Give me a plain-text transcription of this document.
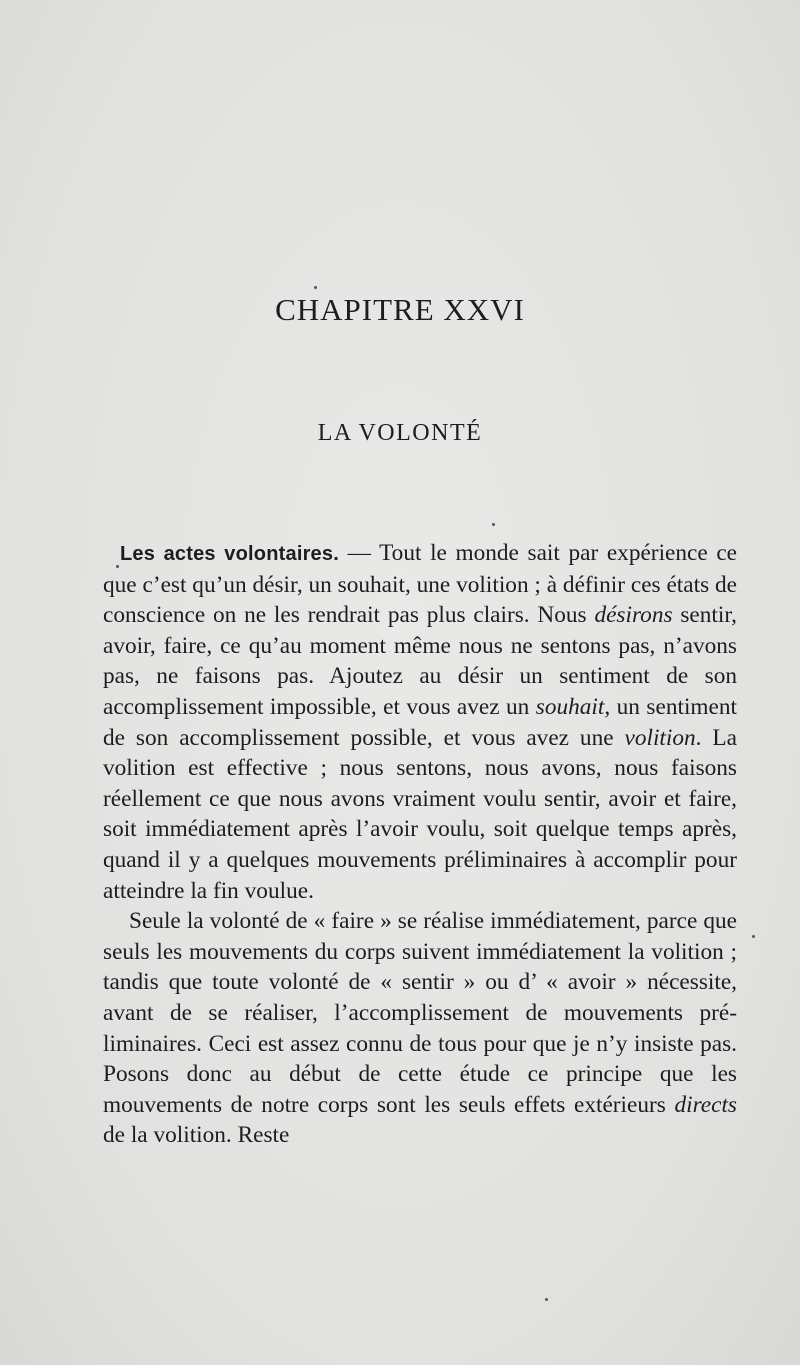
CHAPITRE XXVI
LA VOLONTÉ

Les actes volontaires. — Tout le monde sait par expérience ce que c’est qu’un désir, un souhait, une volition ; à définir ces états de conscience on ne les rendrait pas plus clairs. Nous désirons sentir, avoir, faire, ce qu’au moment même nous ne sentons pas, n’avons pas, ne faisons pas. Ajoutez au désir un sentiment de son accomplissement impossible, et vous avez un souhait, un sentiment de son accomplissement possible, et vous avez une volition. La volition est effective ; nous sentons, nous avons, nous faisons réellement ce que nous avons vraiment voulu sentir, avoir et faire, soit immédiatement après l’avoir voulu, soit quelque temps après, quand il y a quelques mouvements préliminaires à accomplir pour atteindre la fin voulue.

Seule la volonté de « faire » se réalise immédiatement, parce que seuls les mouvements du corps suivent immédiatement la volition ; tandis que toute volonté de « sentir » ou d’ « avoir » nécessite, avant de se réaliser, l’accomplissement de mouvements préliminaires. Ceci est assez connu de tous pour que je n’y insiste pas. Posons donc au début de cette étude ce principe que les mouvements de notre corps sont les seuls effets extérieurs directs de la volition. Reste
